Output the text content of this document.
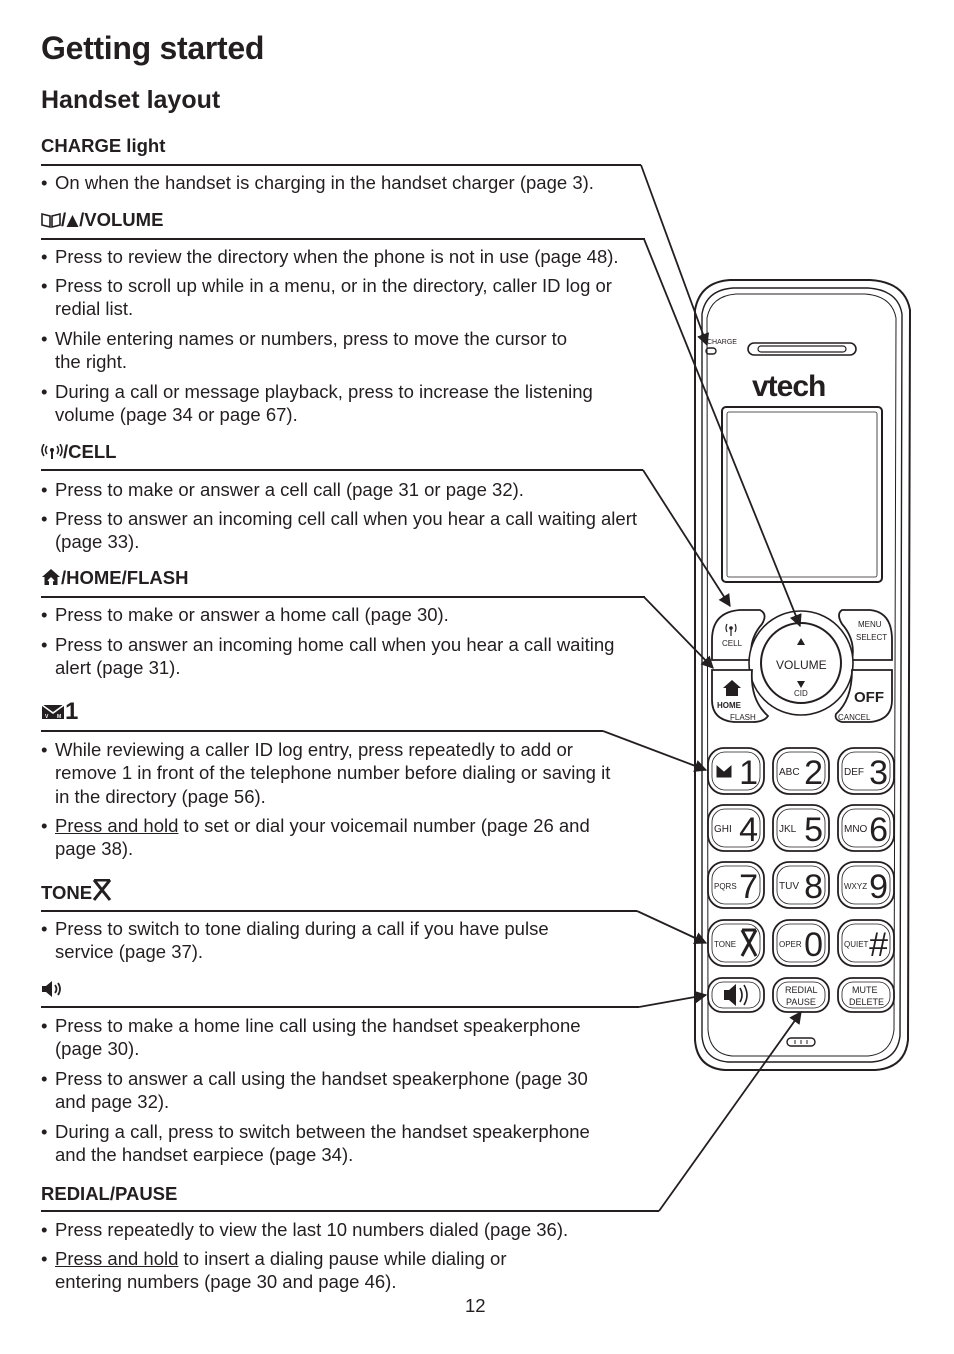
Getting started
Handset layout
CHARGE light
• On when the handset is charging in the handset charger (page 3).
/ /VOLUME
• Press to review the directory when the phone is not in use (page 48).
• Press to scroll up while in a menu, or in the directory, caller ID log or
redial list.
• While entering names or numbers, press to move the cursor to
the right.
• During a call or message playback, press to increase the listening
volume (page 34 or page 67).
/CELL
• Press to make or answer a cell call (page 31 or page 32).
• Press to answer an incoming cell call when you hear a call waiting alert
(page 33).
/HOME/FLASH
• Press to make or answer a home call (page 30).
• Press to answer an incoming home call when you hear a call waiting
alert (page 31).
V M 1
• While reviewing a caller ID log entry, press repeatedly to add or
remove 1 in front of the telephone number before dialing or saving it
in the directory (page 56).
• Press and hold to set or dial your voicemail number (page 26 and
page 38).
TONE
• Press to switch to tone dialing during a call if you have pulse
service (page 37).
• Press to make a home line call using the handset speakerphone
(page 30).
• Press to answer a call using the handset speakerphone (page 30
and page 32).
• During a call, press to switch between the handset speakerphone
and the handset earpiece (page 34).
REDIAL/PAUSE
• Press repeatedly to view the last 10 numbers dialed (page 36).
• Press and hold to insert a dialing pause while dialing or
entering numbers (page 30 and page 46).
12
CHARGE
vtech
CELL
MENU
SELECT
VOLUME
CID
HOME
FLASH
OFF
CANCEL
1 ABC 2 DEF 3
GHI 4 JKL 5 MNO 6
PQRS 7 TUV 8	WXYZ 9
TONE	OPER 0	QUIET #
REDIAL
PAUSE
MUTE
DELETE
